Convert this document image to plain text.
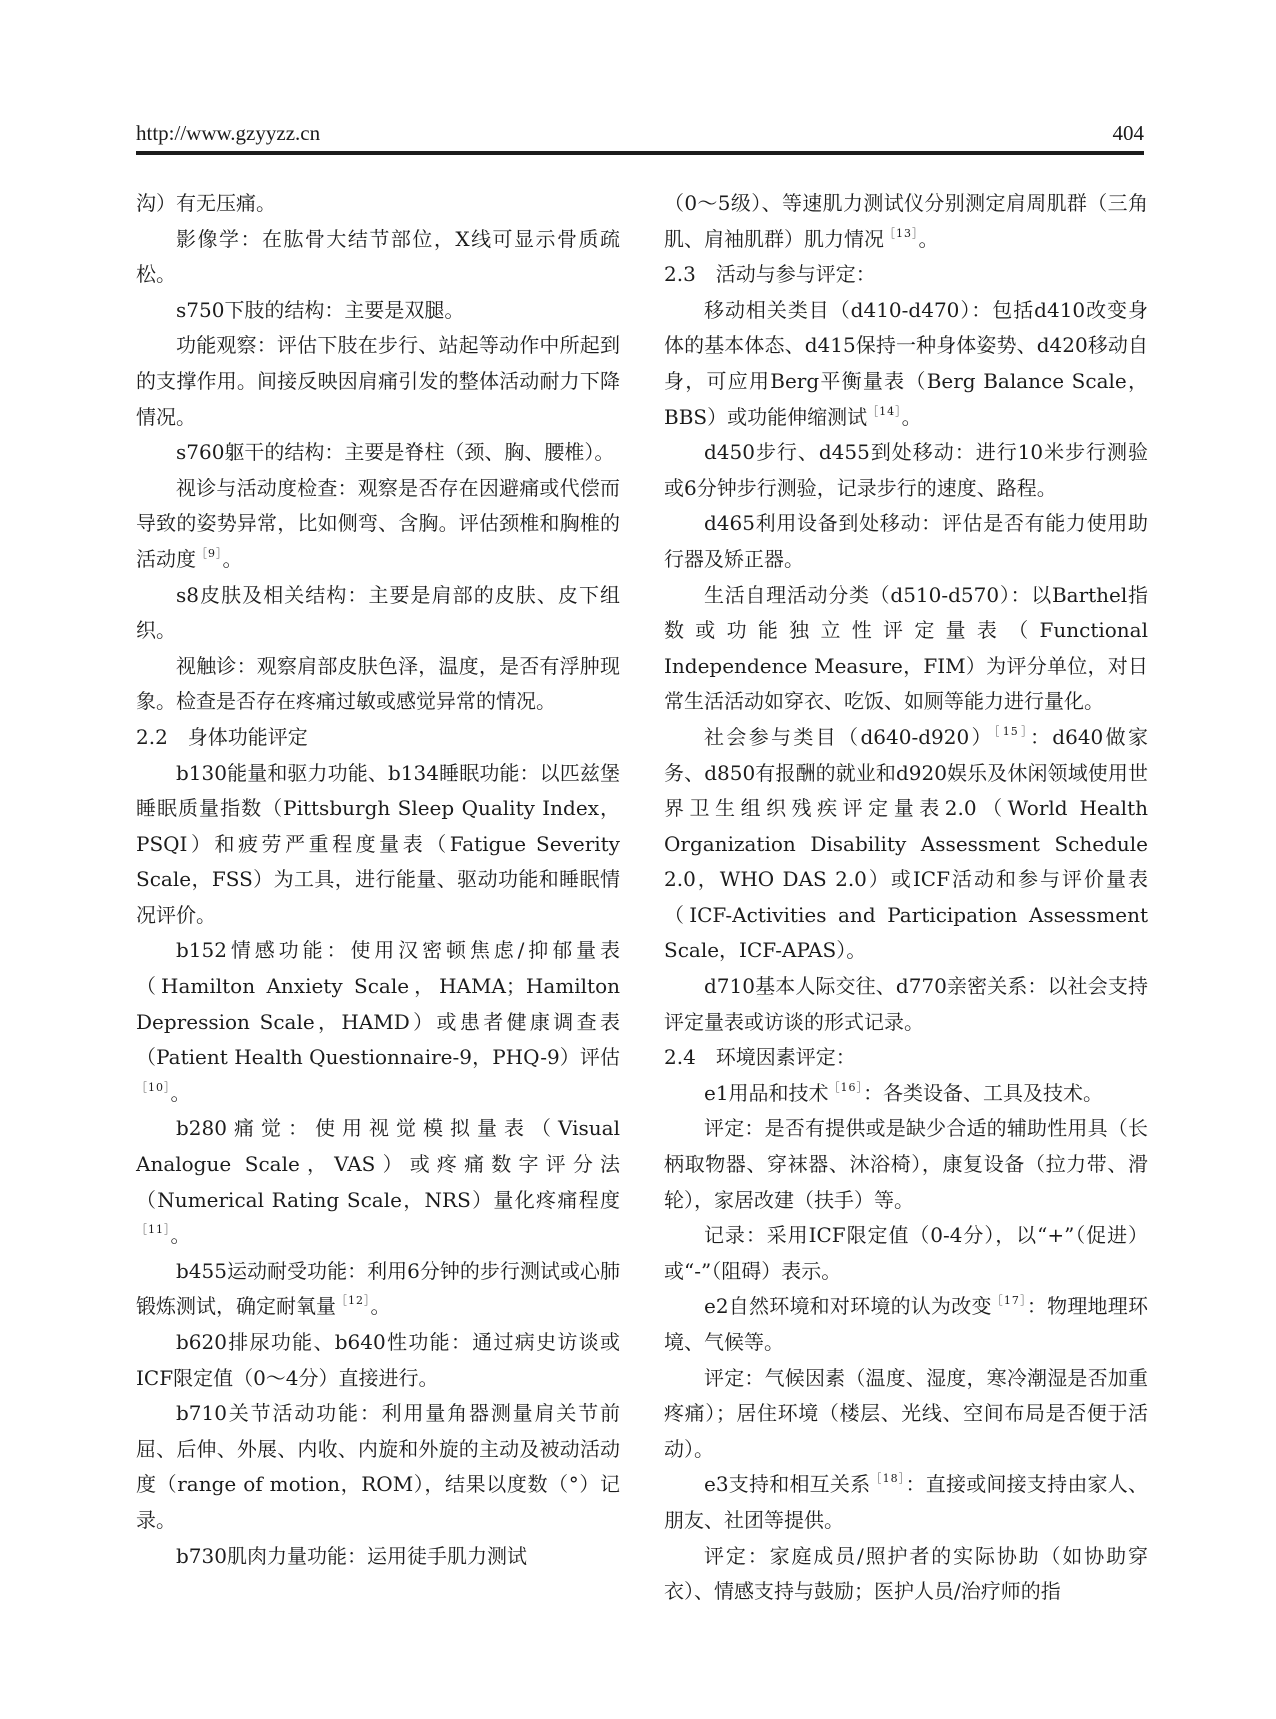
http://www.gzyyzz.cn	404

沟）有无压痛。

影像学：在肱骨大结节部位，X线可显示骨质疏松。

s750下肢的结构：主要是双腿。

功能观察：评估下肢在步行、站起等动作中所起到的支撑作用。间接反映因肩痛引发的整体活动耐力下降情况。

s760躯干的结构：主要是脊柱（颈、胸、腰椎）。

视诊与活动度检查：观察是否存在因避痛或代偿而导致的姿势异常，比如侧弯、含胸。评估颈椎和胸椎的活动度$^{[9]}$。

s8皮肤及相关结构：主要是肩部的皮肤、皮下组织。

视触诊：观察肩部皮肤色泽，温度，是否有浮肿现象。检查是否存在疼痛过敏或感觉异常的情况。

2.2　身体功能评定

b130能量和驱力功能、b134睡眠功能：以匹兹堡睡眠质量指数（Pittsburgh Sleep Quality Index，PSQI）和疲劳严重程度量表（Fatigue Severity Scale，FSS）为工具，进行能量、驱动功能和睡眠情况评价。

b152情感功能：使用汉密顿焦虑/抑郁量表（Hamilton Anxiety Scale，HAMA；Hamilton Depression Scale，HAMD）或患者健康调查表（Patient Health Questionnaire-9，PHQ-9）评估$^{[10]}$。

b280痛觉：使用视觉模拟量表（Visual Analogue Scale，VAS）或疼痛数字评分法（Numerical Rating Scale，NRS）量化疼痛程度$^{[11]}$。

b455运动耐受功能：利用6分钟的步行测试或心肺锻炼测试，确定耐氧量$^{[12]}$。

b620排尿功能、b640性功能：通过病史访谈或ICF限定值（0～4分）直接进行。

b710关节活动功能：利用量角器测量肩关节前屈、后伸、外展、内收、内旋和外旋的主动及被动活动度（range of motion，ROM），结果以度数（°）记录。

b730肌肉力量功能：运用徒手肌力测试

（0～5级）、等速肌力测试仪分别测定肩周肌群（三角肌、肩袖肌群）肌力情况$^{[13]}$。

2.3　活动与参与评定：

移动相关类目（d410-d470）：包括d410改变身体的基本体态、d415保持一种身体姿势、d420移动自身，可应用Berg平衡量表（Berg Balance Scale，BBS）或功能伸缩测试$^{[14]}$。

d450步行、d455到处移动：进行10米步行测验或6分钟步行测验，记录步行的速度、路程。

d465利用设备到处移动：评估是否有能力使用助行器及矫正器。

生活自理活动分类（d510-d570）：以Barthel指数或功能独立性评定量表（Functional Independence Measure，FIM）为评分单位，对日常生活活动如穿衣、吃饭、如厕等能力进行量化。

社会参与类目（d640-d920）$^{[15]}$：d640做家务、d850有报酬的就业和d920娱乐及休闲领域使用世界卫生组织残疾评定量表2.0（World Health Organization Disability Assessment Schedule 2.0，WHO DAS 2.0）或ICF活动和参与评价量表（ICF-Activities and Participation Assessment Scale，ICF-APAS）。

d710基本人际交往、d770亲密关系：以社会支持评定量表或访谈的形式记录。

2.4　环境因素评定：

e1用品和技术$^{[16]}$：各类设备、工具及技术。

评定：是否有提供或是缺少合适的辅助性用具（长柄取物器、穿袜器、沐浴椅），康复设备（拉力带、滑轮），家居改建（扶手）等。

记录：采用ICF限定值（0-4分），以“+”（促进）或“-”（阻碍）表示。

e2自然环境和对环境的认为改变$^{[17]}$：物理地理环境、气候等。

评定：气候因素（温度、湿度，寒冷潮湿是否加重疼痛）；居住环境（楼层、光线、空间布局是否便于活动）。

e3支持和相互关系$^{[18]}$：直接或间接支持由家人、朋友、社团等提供。

评定：家庭成员/照护者的实际协助（如协助穿衣）、情感支持与鼓励；医护人员/治疗师的指
